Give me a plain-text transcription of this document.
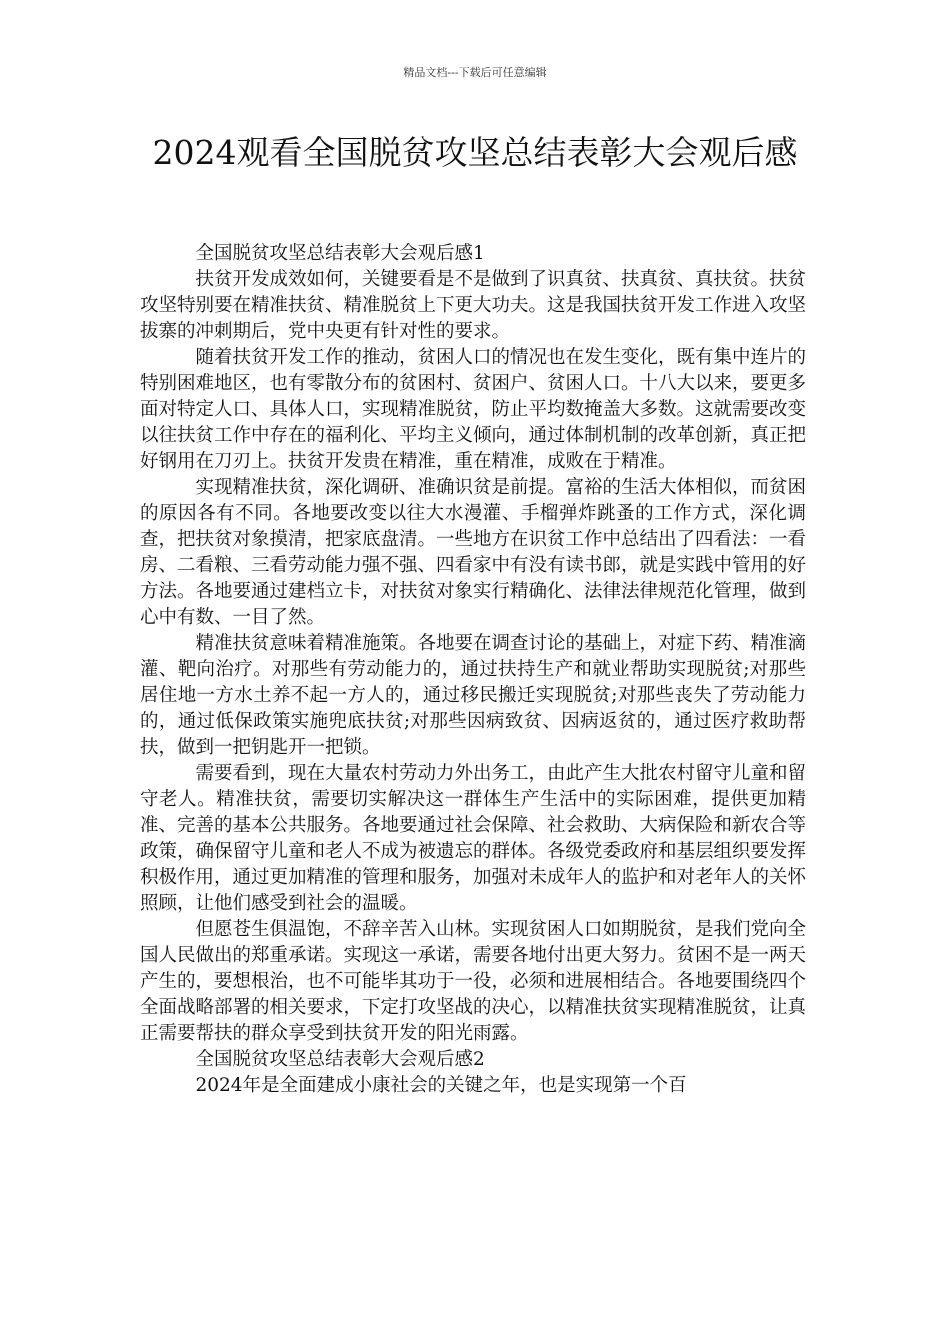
精品文档---下载后可任意编辑
2024观看全国脱贫攻坚总结表彰大会观后感

全国脱贫攻坚总结表彰大会观后感1

扶贫开发成效如何，关键要看是不是做到了识真贫、扶真贫、真扶贫。扶贫攻坚特别要在精准扶贫、精准脱贫上下更大功夫。这是我国扶贫开发工作进入攻坚拔寨的冲刺期后，党中央更有针对性的要求。

随着扶贫开发工作的推动，贫困人口的情况也在发生变化，既有集中连片的特别困难地区，也有零散分布的贫困村、贫困户、贫困人口。十八大以来，要更多面对特定人口、具体人口，实现精准脱贫，防止平均数掩盖大多数。这就需要改变以往扶贫工作中存在的福利化、平均主义倾向，通过体制机制的改革创新，真正把好钢用在刀刃上。扶贫开发贵在精准，重在精准，成败在于精准。

实现精准扶贫，深化调研、准确识贫是前提。富裕的生活大体相似，而贫困的原因各有不同。各地要改变以往大水漫灌、手榴弹炸跳蚤的工作方式，深化调查，把扶贫对象摸清，把家底盘清。一些地方在识贫工作中总结出了四看法：一看房、二看粮、三看劳动能力强不强、四看家中有没有读书郎，就是实践中管用的好方法。各地要通过建档立卡，对扶贫对象实行精确化、法律法律规范化管理，做到心中有数、一目了然。

精准扶贫意味着精准施策。各地要在调查讨论的基础上，对症下药、精准滴灌、靶向治疗。对那些有劳动能力的，通过扶持生产和就业帮助实现脱贫;对那些居住地一方水土养不起一方人的，通过移民搬迁实现脱贫;对那些丧失了劳动能力的，通过低保政策实施兜底扶贫;对那些因病致贫、因病返贫的，通过医疗救助帮扶，做到一把钥匙开一把锁。

需要看到，现在大量农村劳动力外出务工，由此产生大批农村留守儿童和留守老人。精准扶贫，需要切实解决这一群体生产生活中的实际困难，提供更加精准、完善的基本公共服务。各地要通过社会保障、社会救助、大病保险和新农合等政策，确保留守儿童和老人不成为被遗忘的群体。各级党委政府和基层组织要发挥积极作用，通过更加精准的管理和服务，加强对未成年人的监护和对老年人的关怀照顾，让他们感受到社会的温暖。

但愿苍生俱温饱，不辞辛苦入山林。实现贫困人口如期脱贫，是我们党向全国人民做出的郑重承诺。实现这一承诺，需要各地付出更大努力。贫困不是一两天产生的，要想根治，也不可能毕其功于一役，必须和进展相结合。各地要围绕四个全面战略部署的相关要求，下定打攻坚战的决心，以精准扶贫实现精准脱贫，让真正需要帮扶的群众享受到扶贫开发的阳光雨露。

全国脱贫攻坚总结表彰大会观后感2

2024年是全面建成小康社会的关键之年，也是实现第一个百
